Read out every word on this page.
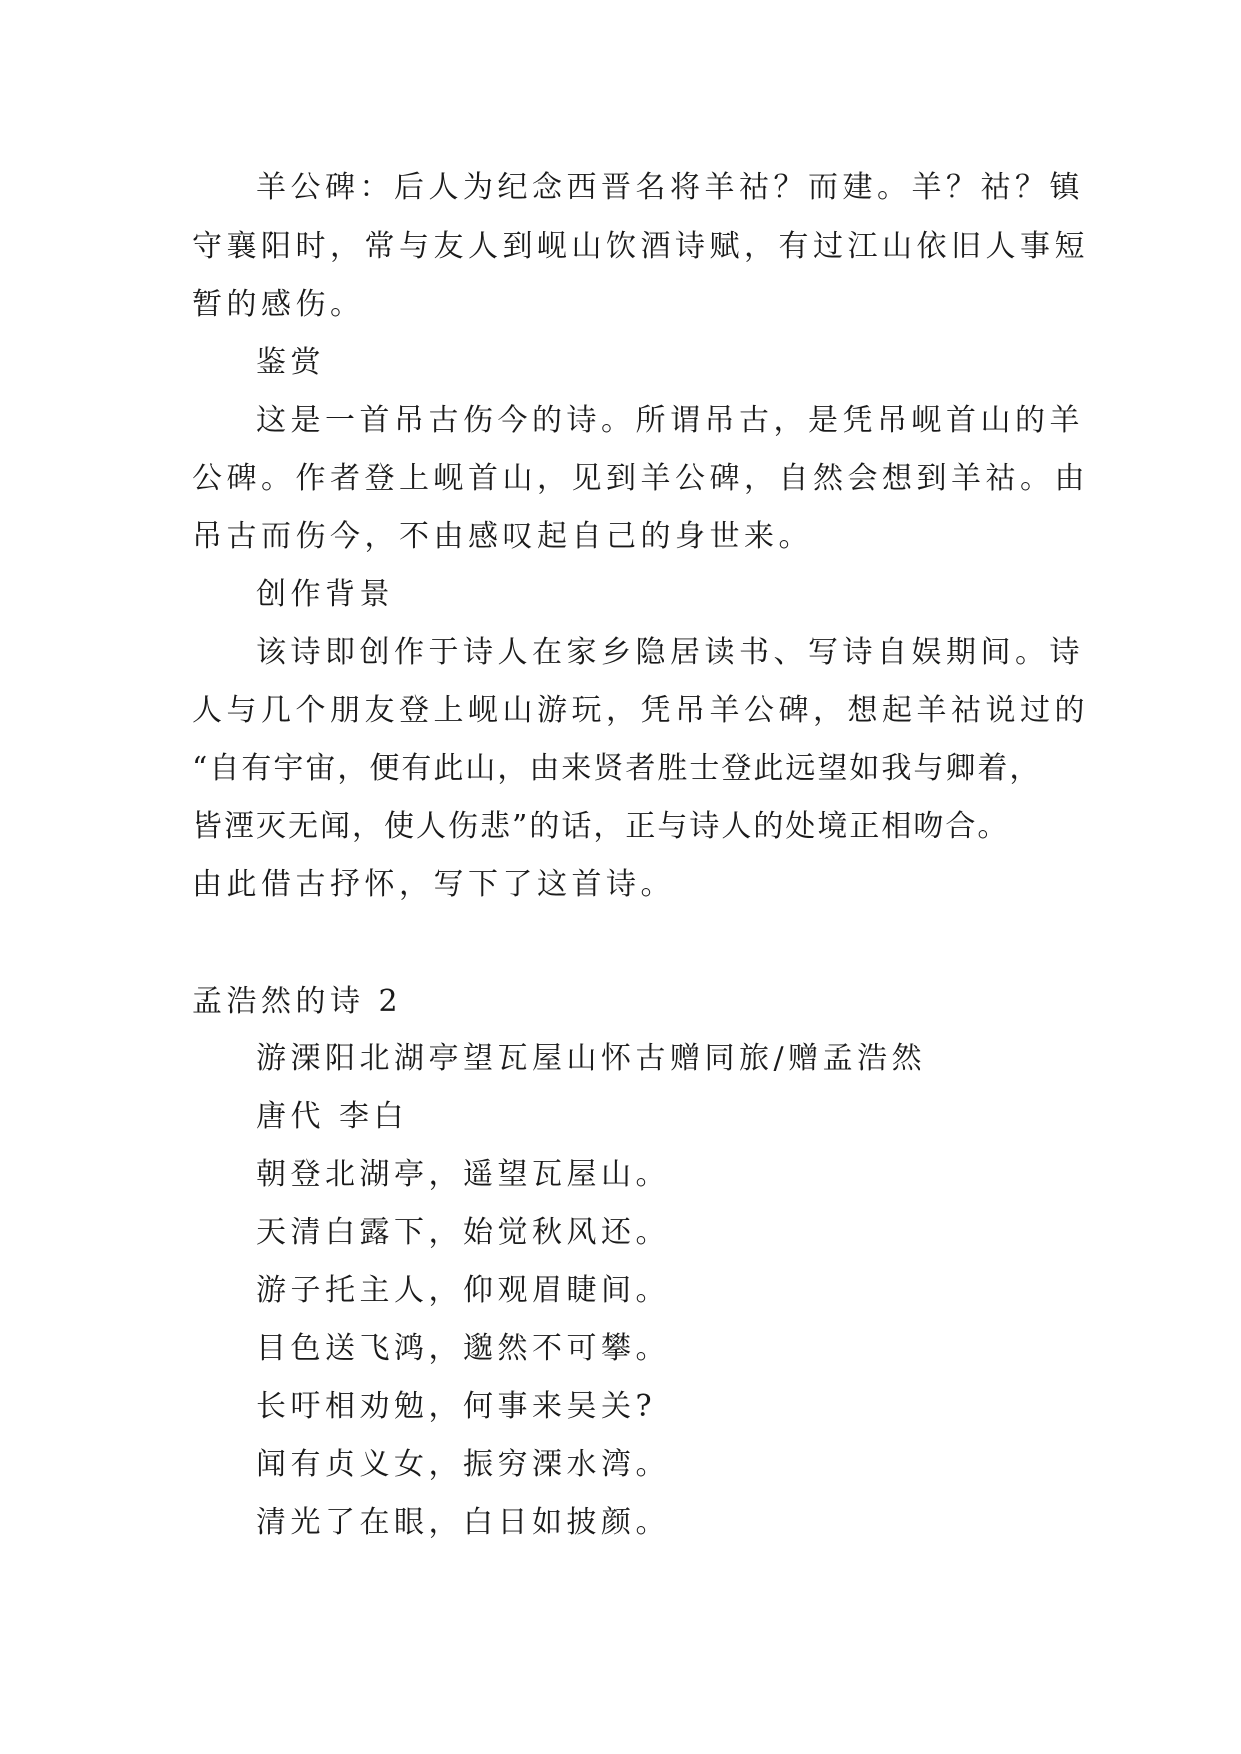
羊公碑：后人为纪念西晋名将羊祜？而建。羊？祜？镇
守襄阳时，常与友人到岘山饮酒诗赋，有过江山依旧人事短
暂的感伤。
鉴赏
这是一首吊古伤今的诗。所谓吊古，是凭吊岘首山的羊
公碑。作者登上岘首山，见到羊公碑，自然会想到羊祜。由
吊古而伤今，不由感叹起自己的身世来。
创作背景
该诗即创作于诗人在家乡隐居读书、写诗自娱期间。诗
人与几个朋友登上岘山游玩，凭吊羊公碑，想起羊祜说过的
“自有宇宙，便有此山，由来贤者胜士登此远望如我与卿着，
皆湮灭无闻，使人伤悲”的话，正与诗人的处境正相吻合。
由此借古抒怀，写下了这首诗。
孟浩然的诗 2
游溧阳北湖亭望瓦屋山怀古赠同旅/赠孟浩然
唐代 李白
朝登北湖亭，遥望瓦屋山。
天清白露下，始觉秋风还。
游子托主人，仰观眉睫间。
目色送飞鸿，邈然不可攀。
长吁相劝勉，何事来吴关?
闻有贞义女，振穷溧水湾。
清光了在眼，白日如披颜。
